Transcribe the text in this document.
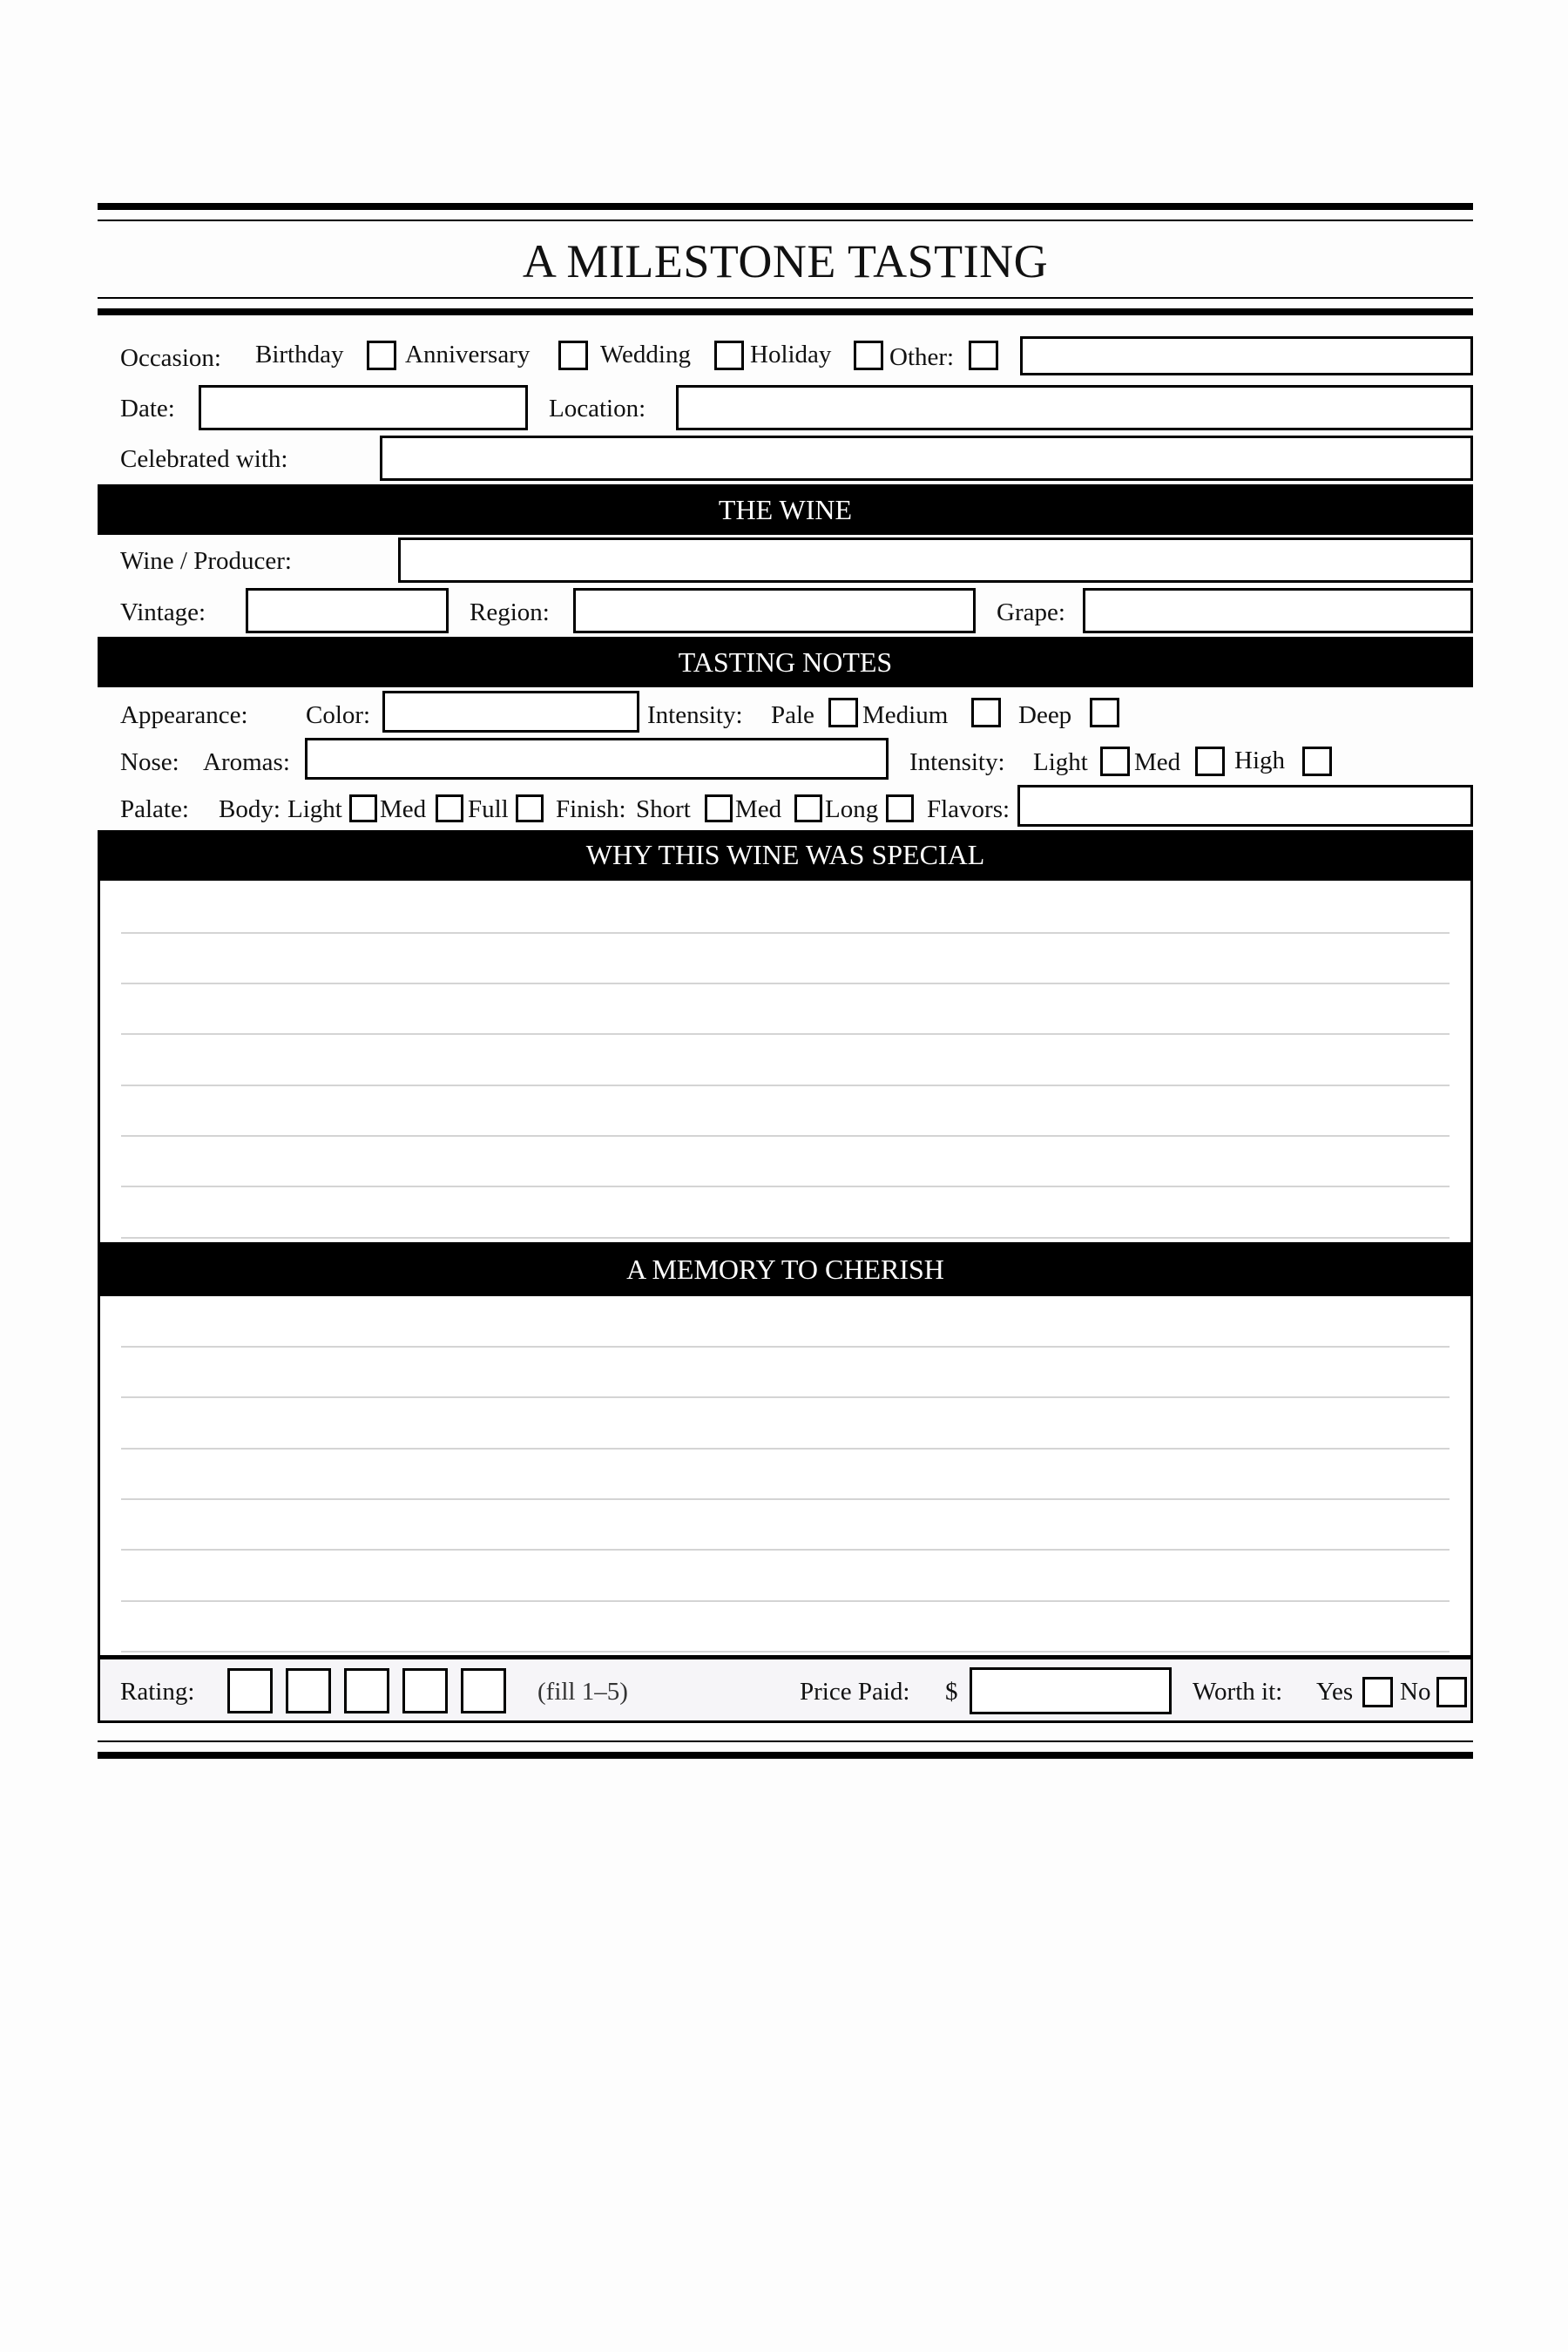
A MILESTONE TASTING
Occasion: Birthday Anniversary	Wedding Holiday Other:
Date:	Location:
Celebrated with:
THE WINE
Wine / Producer:
Vintage:	Region:	Grape:
TASTING NOTES
Appearance: Color:	Intensity: Pale Medium	Deep
Nose: Aromas:	Intensity: Light Med High
Palate: Body: Light Med Full Finish: Short Med Long Flavors:
WHY THIS WINE WAS SPECIAL
A MEMORY TO CHERISH
Rating:	(fill 1–5)	Price Paid: $	Worth it: Yes No
